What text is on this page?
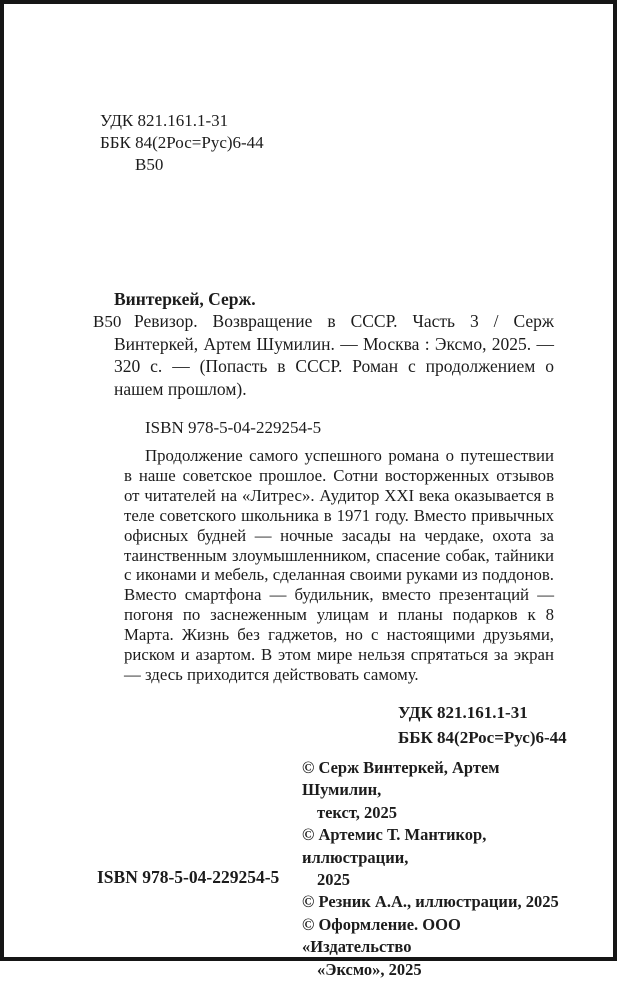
УДК 821.161.1-31
ББК 84(2Рос=Рус)6-44
В50
Винтеркей, Серж.
В50 Ревизор. Возвращение в СССР. Часть 3 / Серж Винтеркей, Артем Шумилин. — Москва : Эксмо, 2025. — 320 с. — (Попасть в СССР. Роман с продолжением о нашем прошлом).

ISBN 978-5-04-229254-5

Продолжение самого успешного романа о путешествии в наше советское прошлое. Сотни восторженных отзывов от читателей на «Литрес». Аудитор XXI века оказывается в теле советского школьника в 1971 году. Вместо привычных офисных будней — ночные засады на чердаке, охота за таинственным злоумышленником, спасение собак, тайники с иконами и мебель, сделанная своими руками из поддонов. Вместо смартфона — будильник, вместо презентаций — погоня по заснеженным улицам и планы подарков к 8 Марта. Жизнь без гаджетов, но с настоящими друзьями, риском и азартом. В этом мире нельзя спрятаться за экран — здесь приходится действовать самому.

УДК 821.161.1-31
ББК 84(2Рос=Рус)6-44

© Серж Винтеркей, Артем Шумилин,
текст, 2025

© Артемис Т. Мантикор, иллюстрации,
2025

© Резник А.А., иллюстрации, 2025

© Оформление. ООО «Издательство
«Эксмо», 2025

ISBN 978-5-04-229254-5
